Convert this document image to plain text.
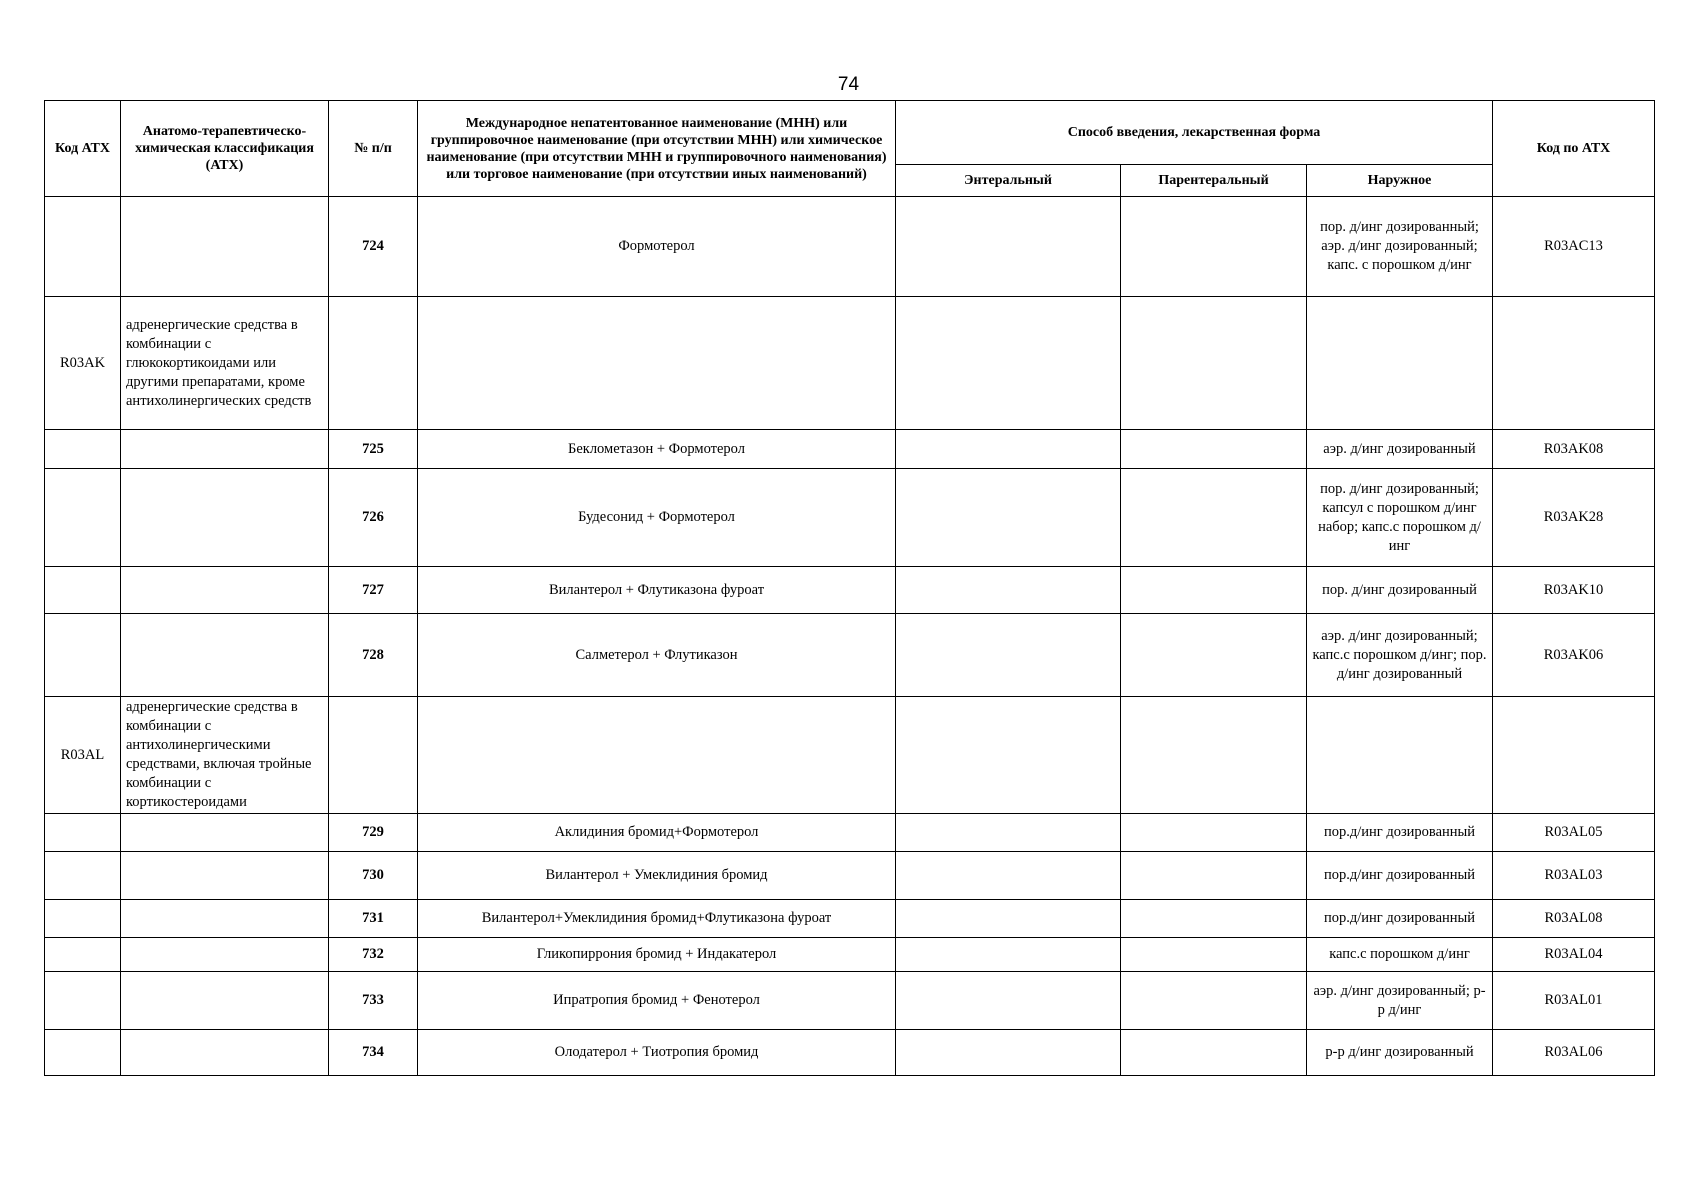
74
Код АТХ	Анатомо-терапевтическо-химическая классификация (АТХ)	№ п/п	Международное непатентованное наименование (МНН) или группировочное наименование (при отсутствии МНН) или химическое наименование (при отсутствии МНН и группировочного наименования) или торговое наименование (при отсутствии иных наименований)	Способ введения, лекарственная форма			Код по АТХ
				Энтеральный	Парентеральный	Наружное	
		724	Формотерол			пор. д/инг дозированный; аэр. д/инг дозированный; капс. с порошком д/инг	R03AC13
R03AK	адренергические средства в комбинации с глюкокортикоидами или другими препаратами, кроме антихолинергических средств						
		725	Беклометазон + Формотерол			аэр. д/инг дозированный	R03AK08
		726	Будесонид + Формотерол			пор. д/инг дозированный; капсул с порошком д/инг набор; капс.с порошком д/инг	R03AK28
		727	Вилантерол + Флутиказона фуроат			пор. д/инг дозированный	R03AK10
		728	Салметерол + Флутиказон			аэр. д/инг дозированный; капс.с порошком д/инг; пор. д/инг дозированный	R03AK06
R03AL	адренергические средства в комбинации с антихолинергическими средствами, включая тройные комбинации с кортикостероидами						
		729	Аклидиния бромид+Формотерол			пор.д/инг дозированный	R03AL05
		730	Вилантерол + Умеклидиния бромид			пор.д/инг дозированный	R03AL03
		731	Вилантерол+Умеклидиния бромид+Флутиказона фуроат			пор.д/инг дозированный	R03AL08
		732	Гликопиррония бромид + Индакатерол			капс.с порошком д/инг	R03AL04
		733	Ипратропия бромид + Фенотерол			аэр. д/инг дозированный; р-р д/инг	R03AL01
		734	Олодатерол + Тиотропия бромид			р-р д/инг дозированный	R03AL06
